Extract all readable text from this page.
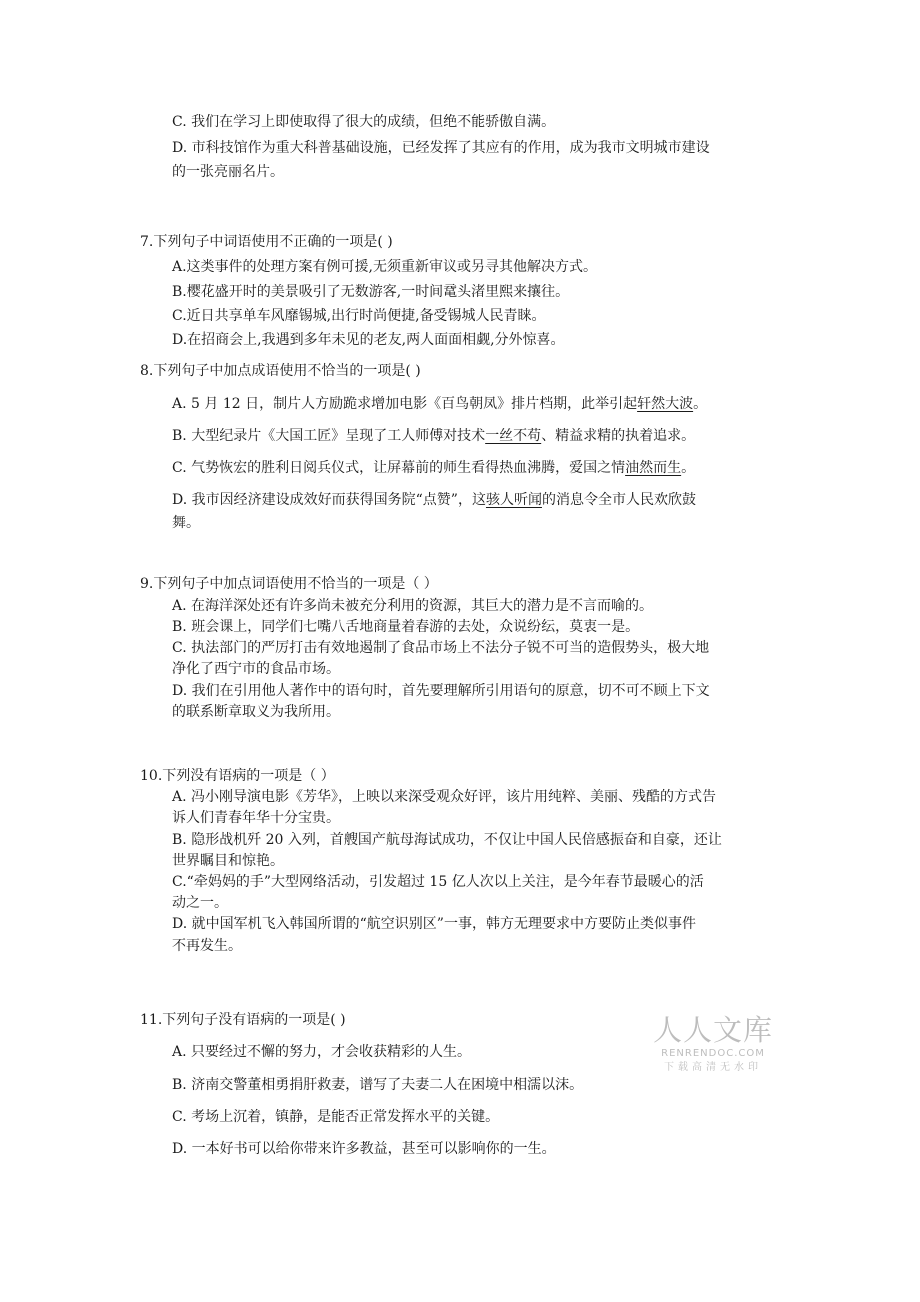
C. 我们在学习上即使取得了很大的成绩，但绝不能骄傲自满。
D. 市科技馆作为重大科普基础设施，已经发挥了其应有的作用，成为我市文明城市建设
的一张亮丽名片。
7.下列句子中词语使用不正确的一项是( )
A.这类事件的处理方案有例可援,无须重新审议或另寻其他解决方式。
B.樱花盛开时的美景吸引了无数游客,一时间鼋头渚里熙来攘往。
C.近日共享单车风靡锡城,出行时尚便捷,备受锡城人民青睐。
D.在招商会上,我遇到多年未见的老友,两人面面相觑,分外惊喜。
8.下列句子中加点成语使用不恰当的一项是( )
A. 5 月 12 日，制片人方励跪求增加电影《百鸟朝凤》排片档期，此举引起轩然大波。
B. 大型纪录片《大国工匠》呈现了工人师傅对技术一丝不苟、精益求精的执着追求。
C. 气势恢宏的胜利日阅兵仪式，让屏幕前的师生看得热血沸腾，爱国之情油然而生。
D. 我市因经济建设成效好而获得国务院“点赞”，这骇人听闻的消息令全市人民欢欣鼓
舞。
9.下列句子中加点词语使用不恰当的一项是（ ）
A. 在海洋深处还有许多尚未被充分利用的资源，其巨大的潜力是不言而喻的。
B. 班会课上，同学们七嘴八舌地商量着春游的去处，众说纷纭，莫衷一是。
C. 执法部门的严厉打击有效地遏制了食品市场上不法分子锐不可当的造假势头，极大地
净化了西宁市的食品市场。
D. 我们在引用他人著作中的语句时，首先要理解所引用语句的原意，切不可不顾上下文
的联系断章取义为我所用。
10.下列没有语病的一项是（ ）
A. 冯小刚导演电影《芳华》，上映以来深受观众好评，该片用纯粹、美丽、残酷的方式告
诉人们青春年华十分宝贵。
B. 隐形战机歼 20 入列，首艘国产航母海试成功，不仅让中国人民倍感振奋和自豪，还让
世界瞩目和惊艳。
C.“牵妈妈的手”大型网络活动，引发超过 15 亿人次以上关注，是今年春节最暖心的活
动之一。
D. 就中国军机飞入韩国所谓的“航空识别区”一事，韩方无理要求中方要防止类似事件
不再发生。
11.下列句子没有语病的一项是( )
A. 只要经过不懈的努力，才会收获精彩的人生。
B. 济南交警董相勇捐肝救妻，谱写了夫妻二人在困境中相濡以沫。
C. 考场上沉着，镇静，是能否正常发挥水平的关键。
D. 一本好书可以给你带来许多教益，甚至可以影响你的一生。
人人文库
RENRENDOC.COM
下载高清无水印
